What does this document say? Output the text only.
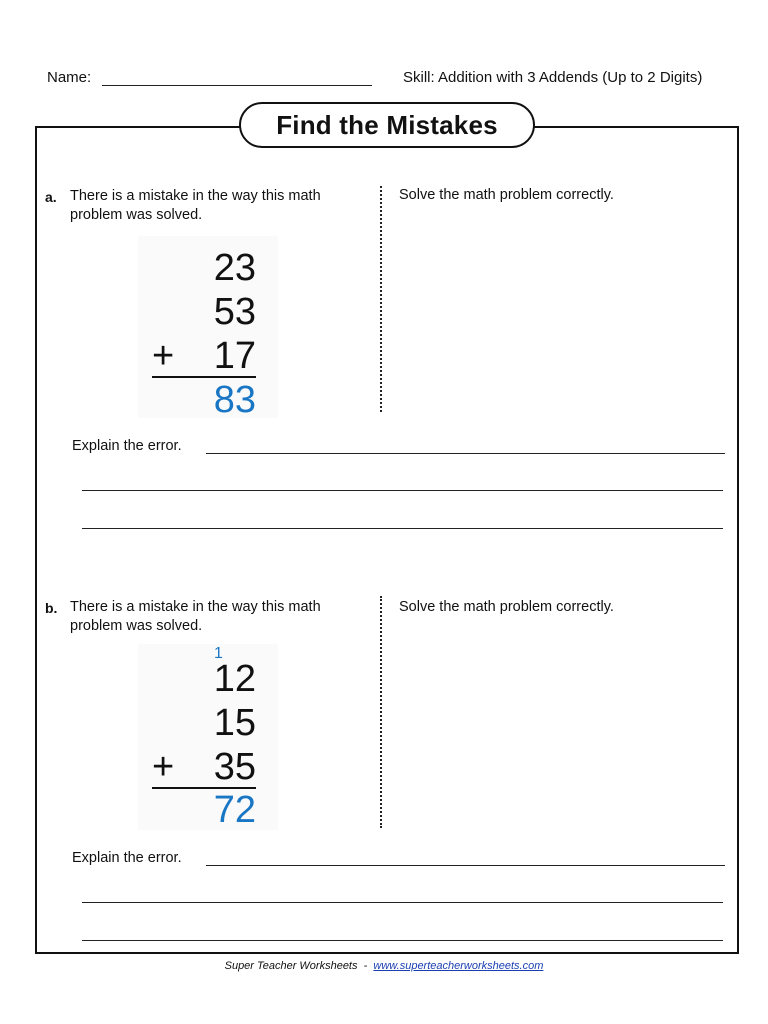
Name:	Skill: Addition with 3 Addends (Up to 2 Digits)
Find the Mistakes
a. There is a mistake in the way this math problem was solved.
Solve the math problem correctly.
23
53
+ 17
83
Explain the error.
b. There is a mistake in the way this math problem was solved.
Solve the math problem correctly.
1
12
15
+ 35
72
Explain the error.
Super Teacher Worksheets - www.superteacherworksheets.com
